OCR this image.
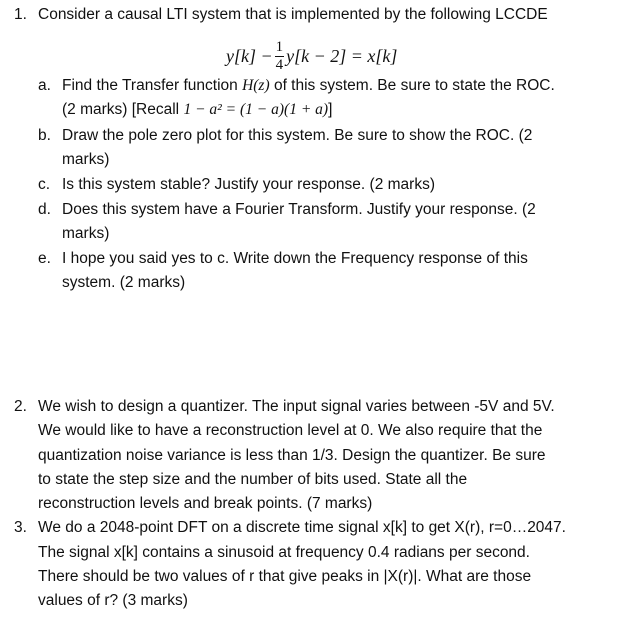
1. Consider a causal LTI system that is implemented by the following LCCDE
$y[k] - \frac{1}{4} y[k - 2] = x[k]$
a. Find the Transfer function H(z) of this system. Be sure to state the ROC.
(2 marks) [Recall 1 − a² = (1 − a)(1 + a)]
b. Draw the pole zero plot for this system. Be sure to show the ROC. (2
marks)
c. Is this system stable? Justify your response. (2 marks)
d. Does this system have a Fourier Transform. Justify your response. (2
marks)
e. I hope you said yes to c. Write down the Frequency response of this
system. (2 marks)
2. We wish to design a quantizer. The input signal varies between -5V and 5V.
We would like to have a reconstruction level at 0. We also require that the
quantization noise variance is less than 1/3. Design the quantizer. Be sure
to state the step size and the number of bits used. State all the
reconstruction levels and break points. (7 marks)
3. We do a 2048-point DFT on a discrete time signal x[k] to get X(r), r=0…2047.
The signal x[k] contains a sinusoid at frequency 0.4 radians per second.
There should be two values of r that give peaks in |X(r)|. What are those
values of r? (3 marks)
